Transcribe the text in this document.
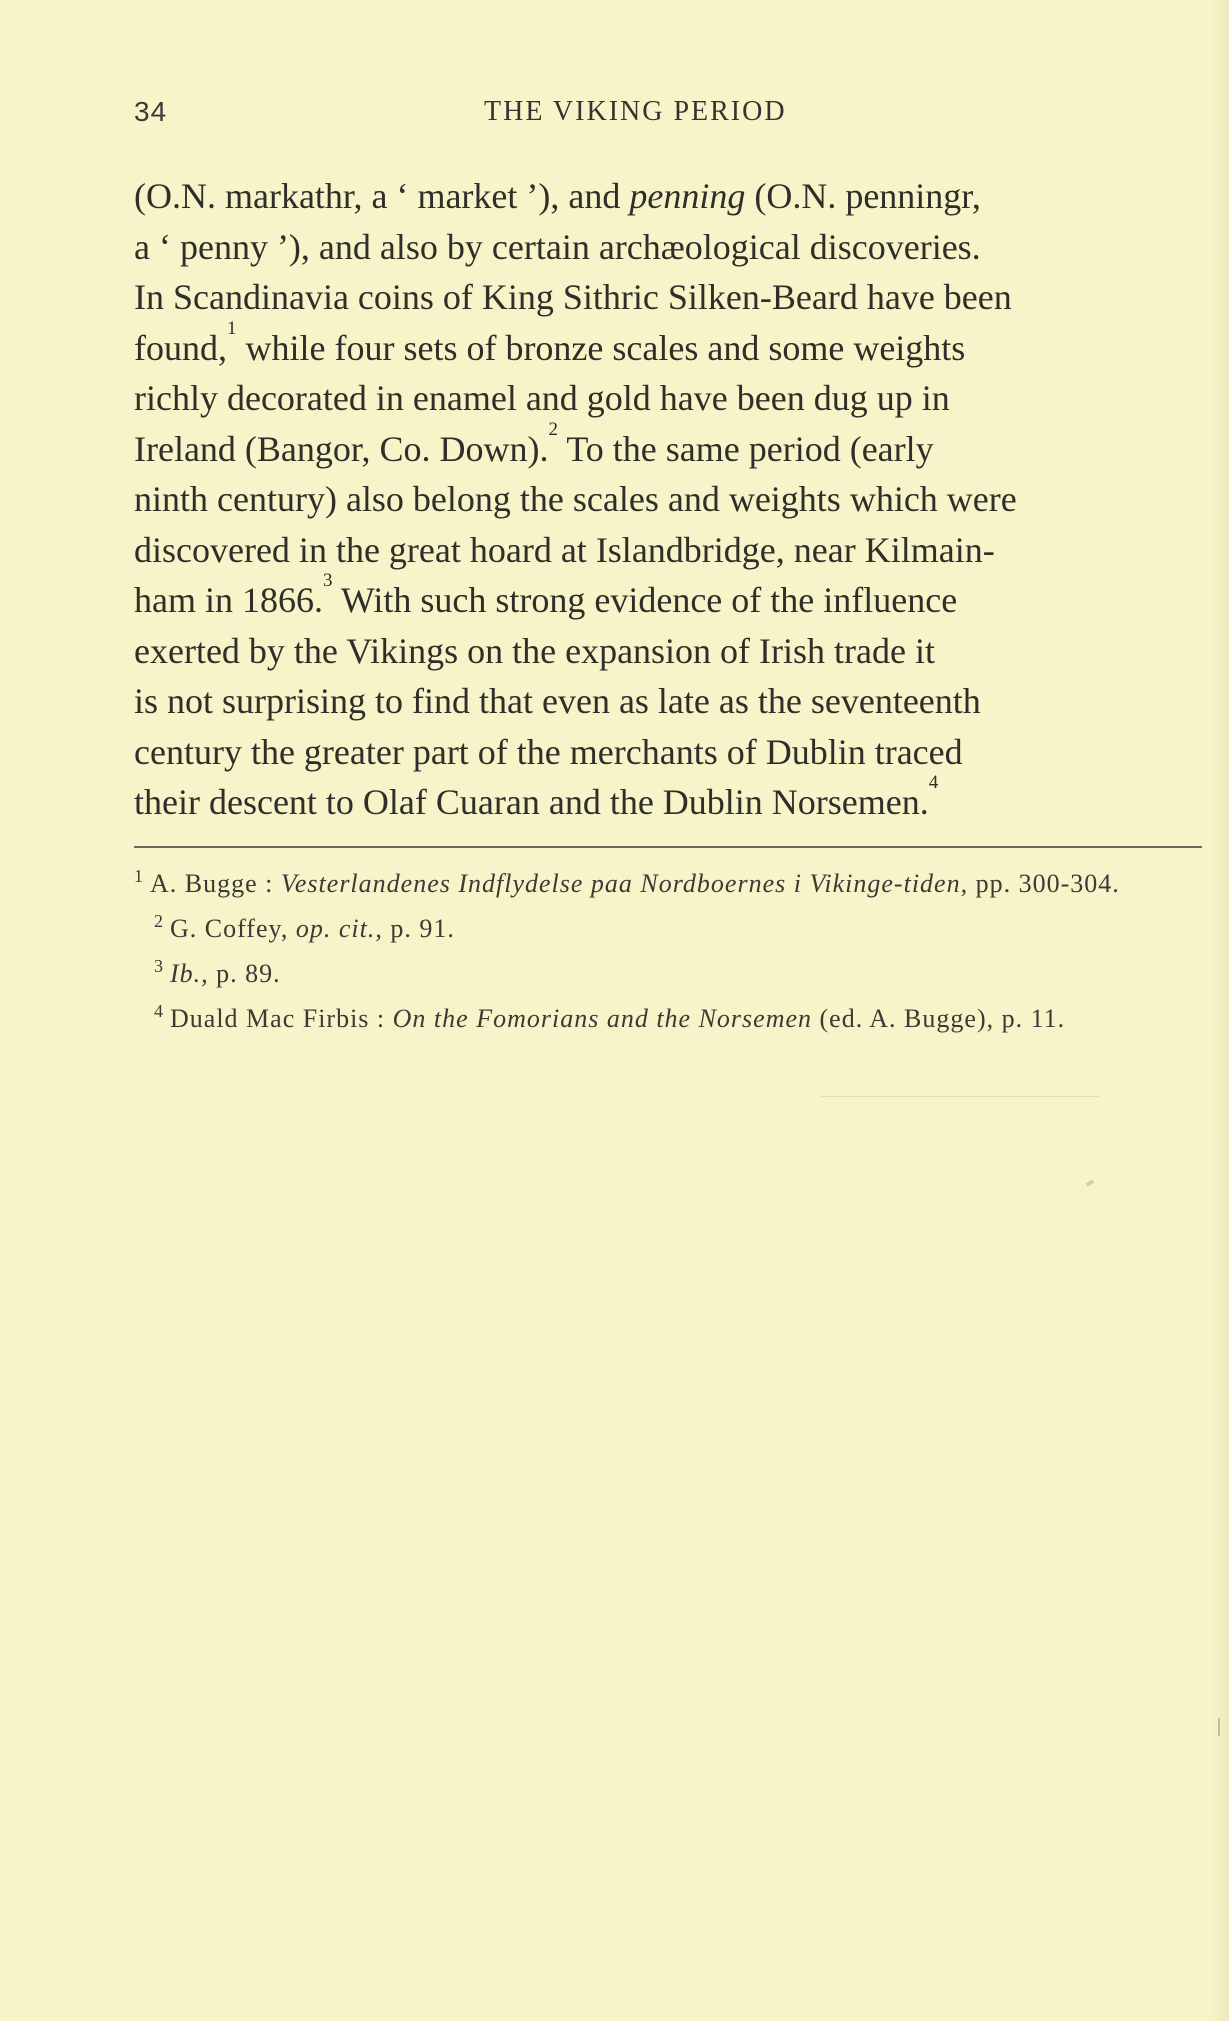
34	THE VIKING PERIOD
(O.N. markathr, a ‘ market ’), and penning (O.N. penningr,
a ‘ penny ’), and also by certain archæological discoveries.
In Scandinavia coins of King Sithric Silken-Beard have been
found,$^1$ while four sets of bronze scales and some weights
richly decorated in enamel and gold have been dug up in
Ireland (Bangor, Co. Down).$^2$ To the same period (early
ninth century) also belong the scales and weights which were
discovered in the great hoard at Islandbridge, near Kilmain-
ham in 1866.$^3$ With such strong evidence of the influence
exerted by the Vikings on the expansion of Irish trade it
is not surprising to find that even as late as the seventeenth
century the greater part of the merchants of Dublin traced
their descent to Olaf Cuaran and the Dublin Norsemen.$^4$
$^1$ A. Bugge : Vesterlandenes Indflydelse paa Nordboernes i Vikinge-tiden, pp. 300-304.
$^2$ G. Coffey, op. cit., p. 91.
$^3$ Ib., p. 89.
$^4$ Duald Mac Firbis : On the Fomorians and the Norsemen (ed. A. Bugge), p. 11.
